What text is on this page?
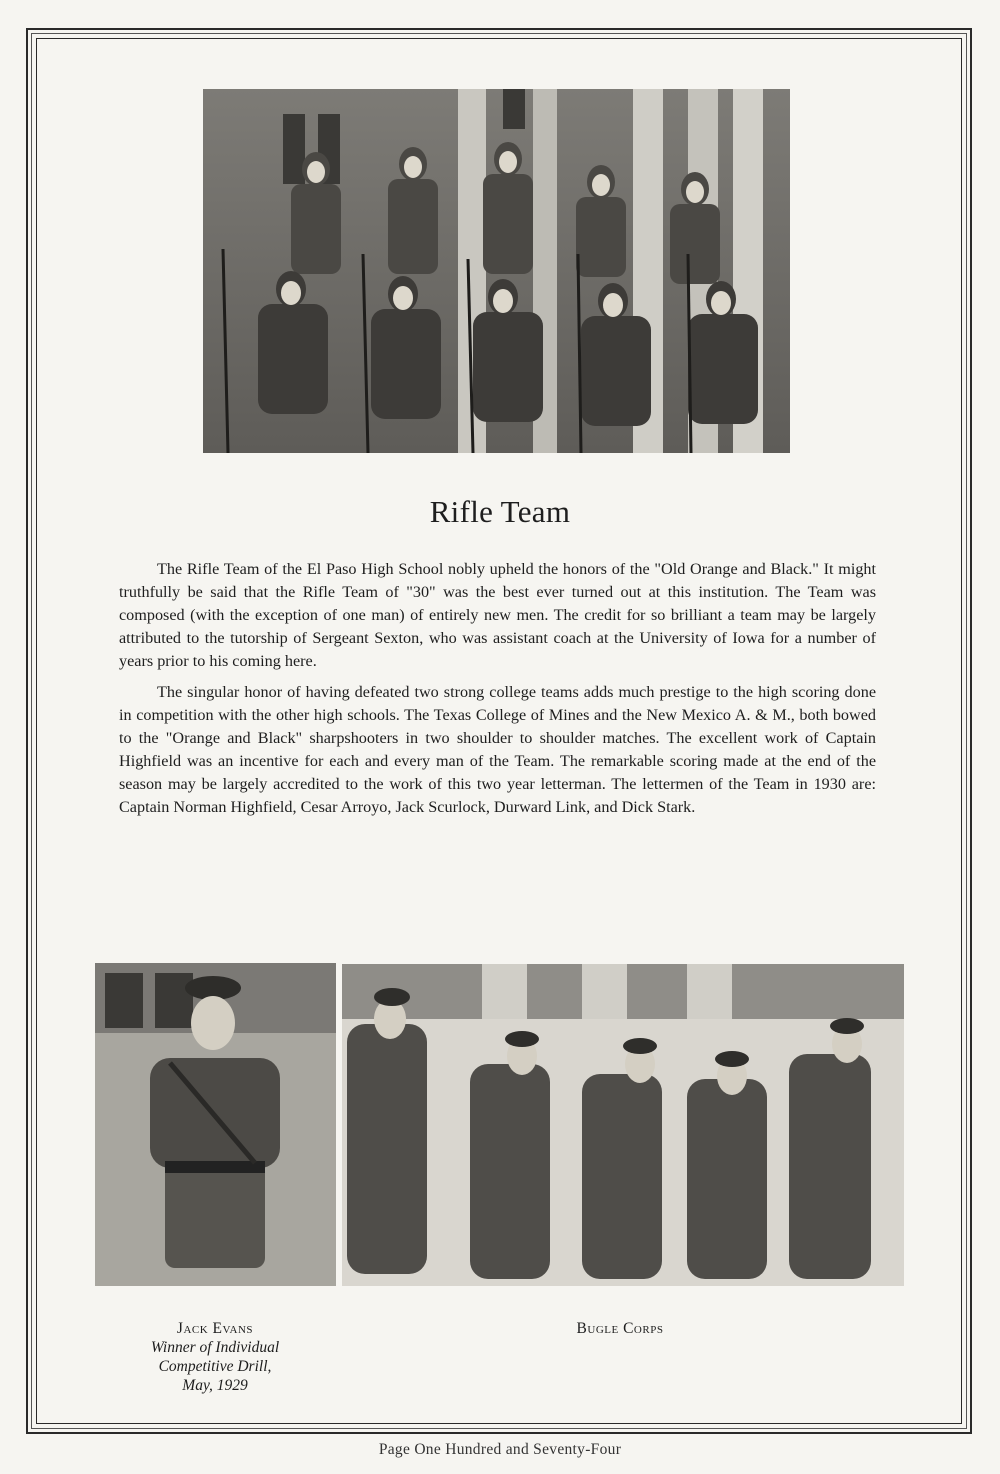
Rifle Team

The Rifle Team of the El Paso High School nobly upheld the honors of the "Old Orange and Black." It might truthfully be said that the Rifle Team of "30" was the best ever turned out at this institution. The Team was composed (with the exception of one man) of entirely new men. The credit for so brilliant a team may be largely attributed to the tutorship of Sergeant Sexton, who was assistant coach at the University of Iowa for a number of years prior to his coming here.

The singular honor of having defeated two strong college teams adds much prestige to the high scoring done in competition with the other high schools. The Texas College of Mines and the New Mexico A. & M., both bowed to the "Orange and Black" sharpshooters in two shoulder to shoulder matches. The excellent work of Captain Highfield was an incentive for each and every man of the Team. The remarkable scoring made at the end of the season may be largely accredited to the work of this two year letterman. The lettermen of the Team in 1930 are: Captain Norman Highfield, Cesar Arroyo, Jack Scurlock, Durward Link, and Dick Stark.

Jack Evans
Winner of Individual
Competitive Drill,
May, 1929
Bugle Corps
Page One Hundred and Seventy-Four
